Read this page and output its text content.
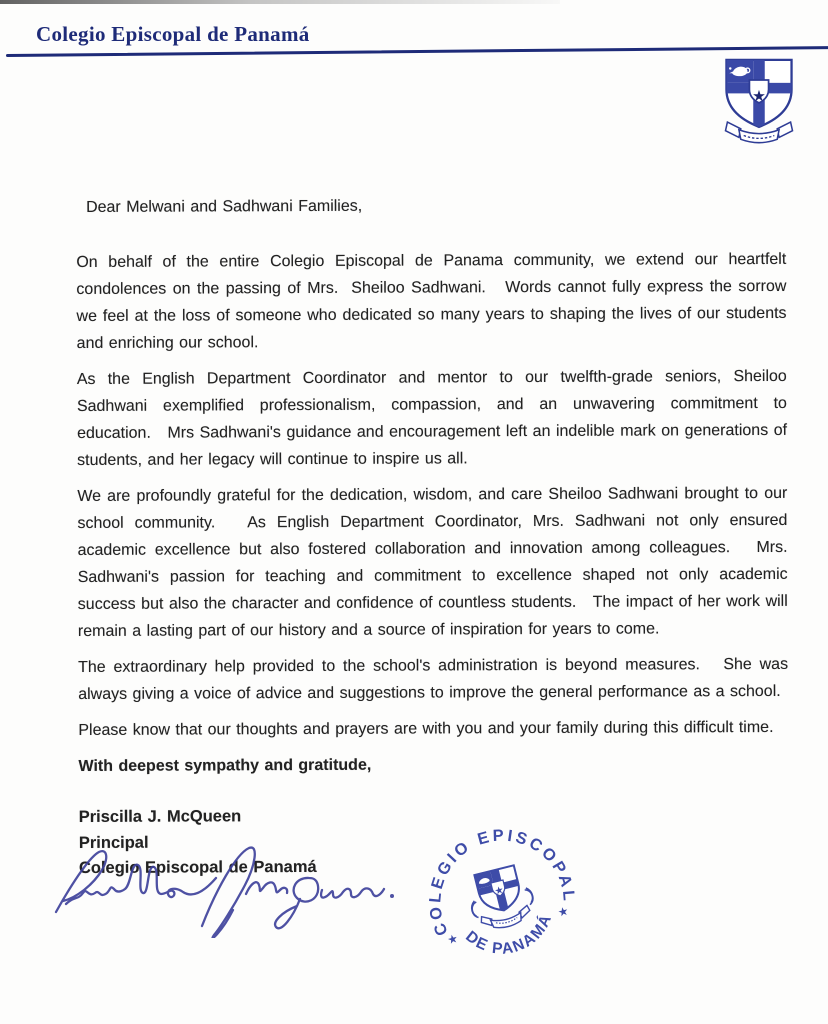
Colegio Episcopal de Panamá
★

Dear Melwani and Sadhwani Families,

On behalf of the entire Colegio Episcopal de Panama community, we extend our heartfelt condolences on the passing of Mrs.  Sheiloo Sadhwani.   Words cannot fully express the sorrow we feel at the loss of someone who dedicated so many years to shaping the lives of our students and enriching our school.

As the English Department Coordinator and mentor to our twelfth-grade seniors, Sheiloo Sadhwani exemplified professionalism, compassion, and an unwavering commitment to education.   Mrs Sadhwani's guidance and encouragement left an indelible mark on generations of students, and her legacy will continue to inspire us all.

We are profoundly grateful for the dedication, wisdom, and care Sheiloo Sadhwani brought to our school community.   As English Department Coordinator, Mrs. Sadhwani not only ensured academic excellence but also fostered collaboration and innovation among colleagues.   Mrs. Sadhwani's passion for teaching and commitment to excellence shaped not only academic success but also the character and confidence of countless students.   The impact of her work will remain a lasting part of our history and a source of inspiration for years to come.

The extraordinary help provided to the school's administration is beyond measures.   She was always giving a voice of advice and suggestions to improve the general performance as a school.

Please know that our thoughts and prayers are with you and your family during this difficult time.

With deepest sympathy and gratitude,

Priscilla J. McQueen
Principal
Colegio Episcopal de Panamá
COLEGIO EPISCOPAL
DE PANAMÁ
★
★
★
